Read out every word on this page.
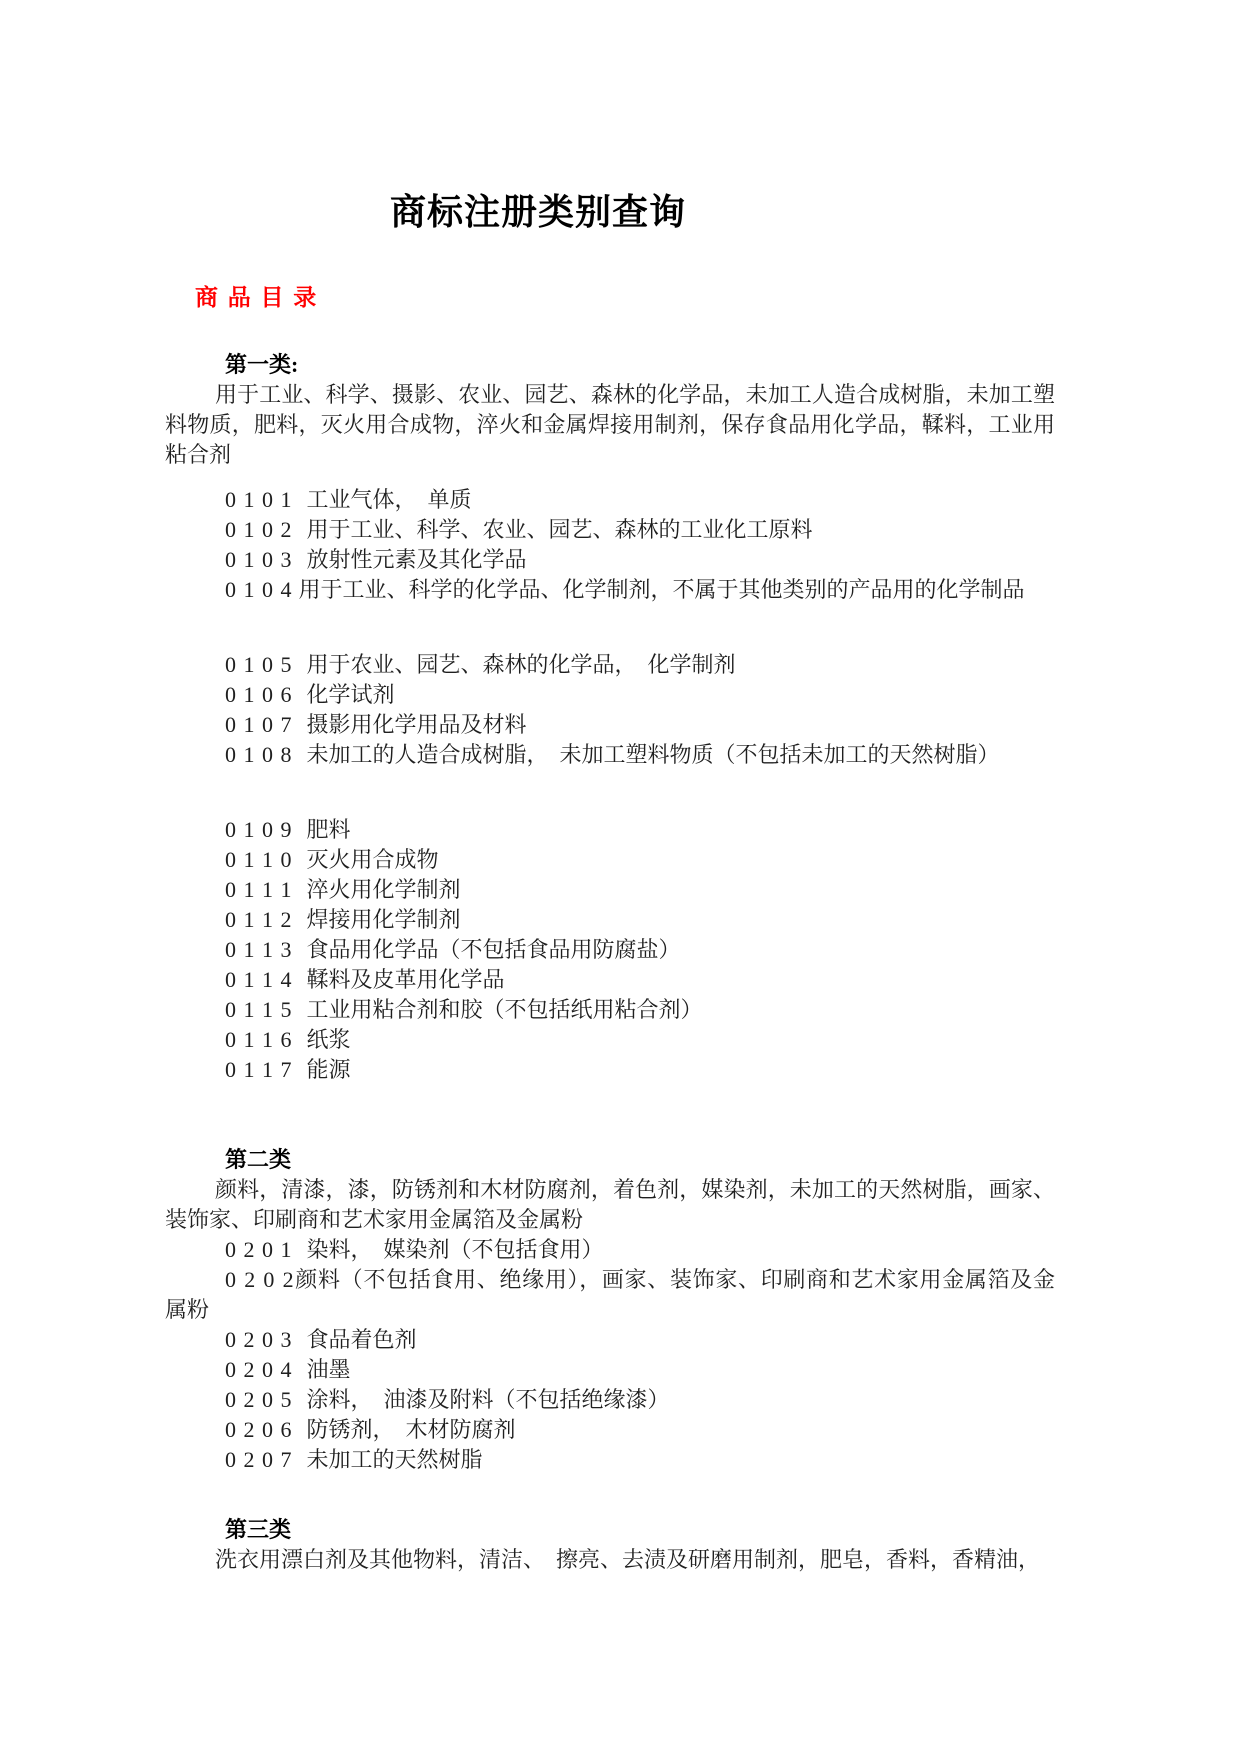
商标注册类别查询
商 品 目 录
第一类:

用于工业、科学、摄影、农业、园艺、森林的化学品，未加工人造合成树脂，未加工塑料物质，肥料，灭火用合成物，淬火和金属焊接用制剂，保存食品用化学品，鞣料，工业用粘合剂

0 1 0 1 工业气体，　单质

0 1 0 2 用于工业、科学、农业、园艺、森林的工业化工原料

0 1 0 3 放射性元素及其化学品

0 1 0 4 用于工业、科学的化学品、化学制剂，不属于其他类别的产品用的化学制品

0 1 0 5 用于农业、园艺、森林的化学品，　化学制剂

0 1 0 6 化学试剂

0 1 0 7 摄影用化学用品及材料

0 1 0 8 未加工的人造合成树脂，　未加工塑料物质（不包括未加工的天然树脂）

0 1 0 9 肥料

0 1 1 0 灭火用合成物

0 1 1 1 淬火用化学制剂

0 1 1 2 焊接用化学制剂

0 1 1 3 食品用化学品（不包括食品用防腐盐）

0 1 1 4 鞣料及皮革用化学品

0 1 1 5 工业用粘合剂和胶（不包括纸用粘合剂）

0 1 1 6 纸浆

0 1 1 7 能源

第二类

颜料，清漆，漆，防锈剂和木材防腐剂，着色剂，媒染剂，未加工的天然树脂，画家、装饰家、印刷商和艺术家用金属箔及金属粉

0 2 0 1 染料，　媒染剂（不包括食用）

0 2 0 2颜料（不包括食用、绝缘用），画家、装饰家、印刷商和艺术家用金属箔及金
属粉

0 2 0 3 食品着色剂

0 2 0 4 油墨

0 2 0 5 涂料，　油漆及附料（不包括绝缘漆）

0 2 0 6 防锈剂，　木材防腐剂

0 2 0 7 未加工的天然树脂

第三类

洗衣用漂白剂及其他物料，清洁、　擦亮、去渍及研磨用制剂，肥皂，香料，香精油，
